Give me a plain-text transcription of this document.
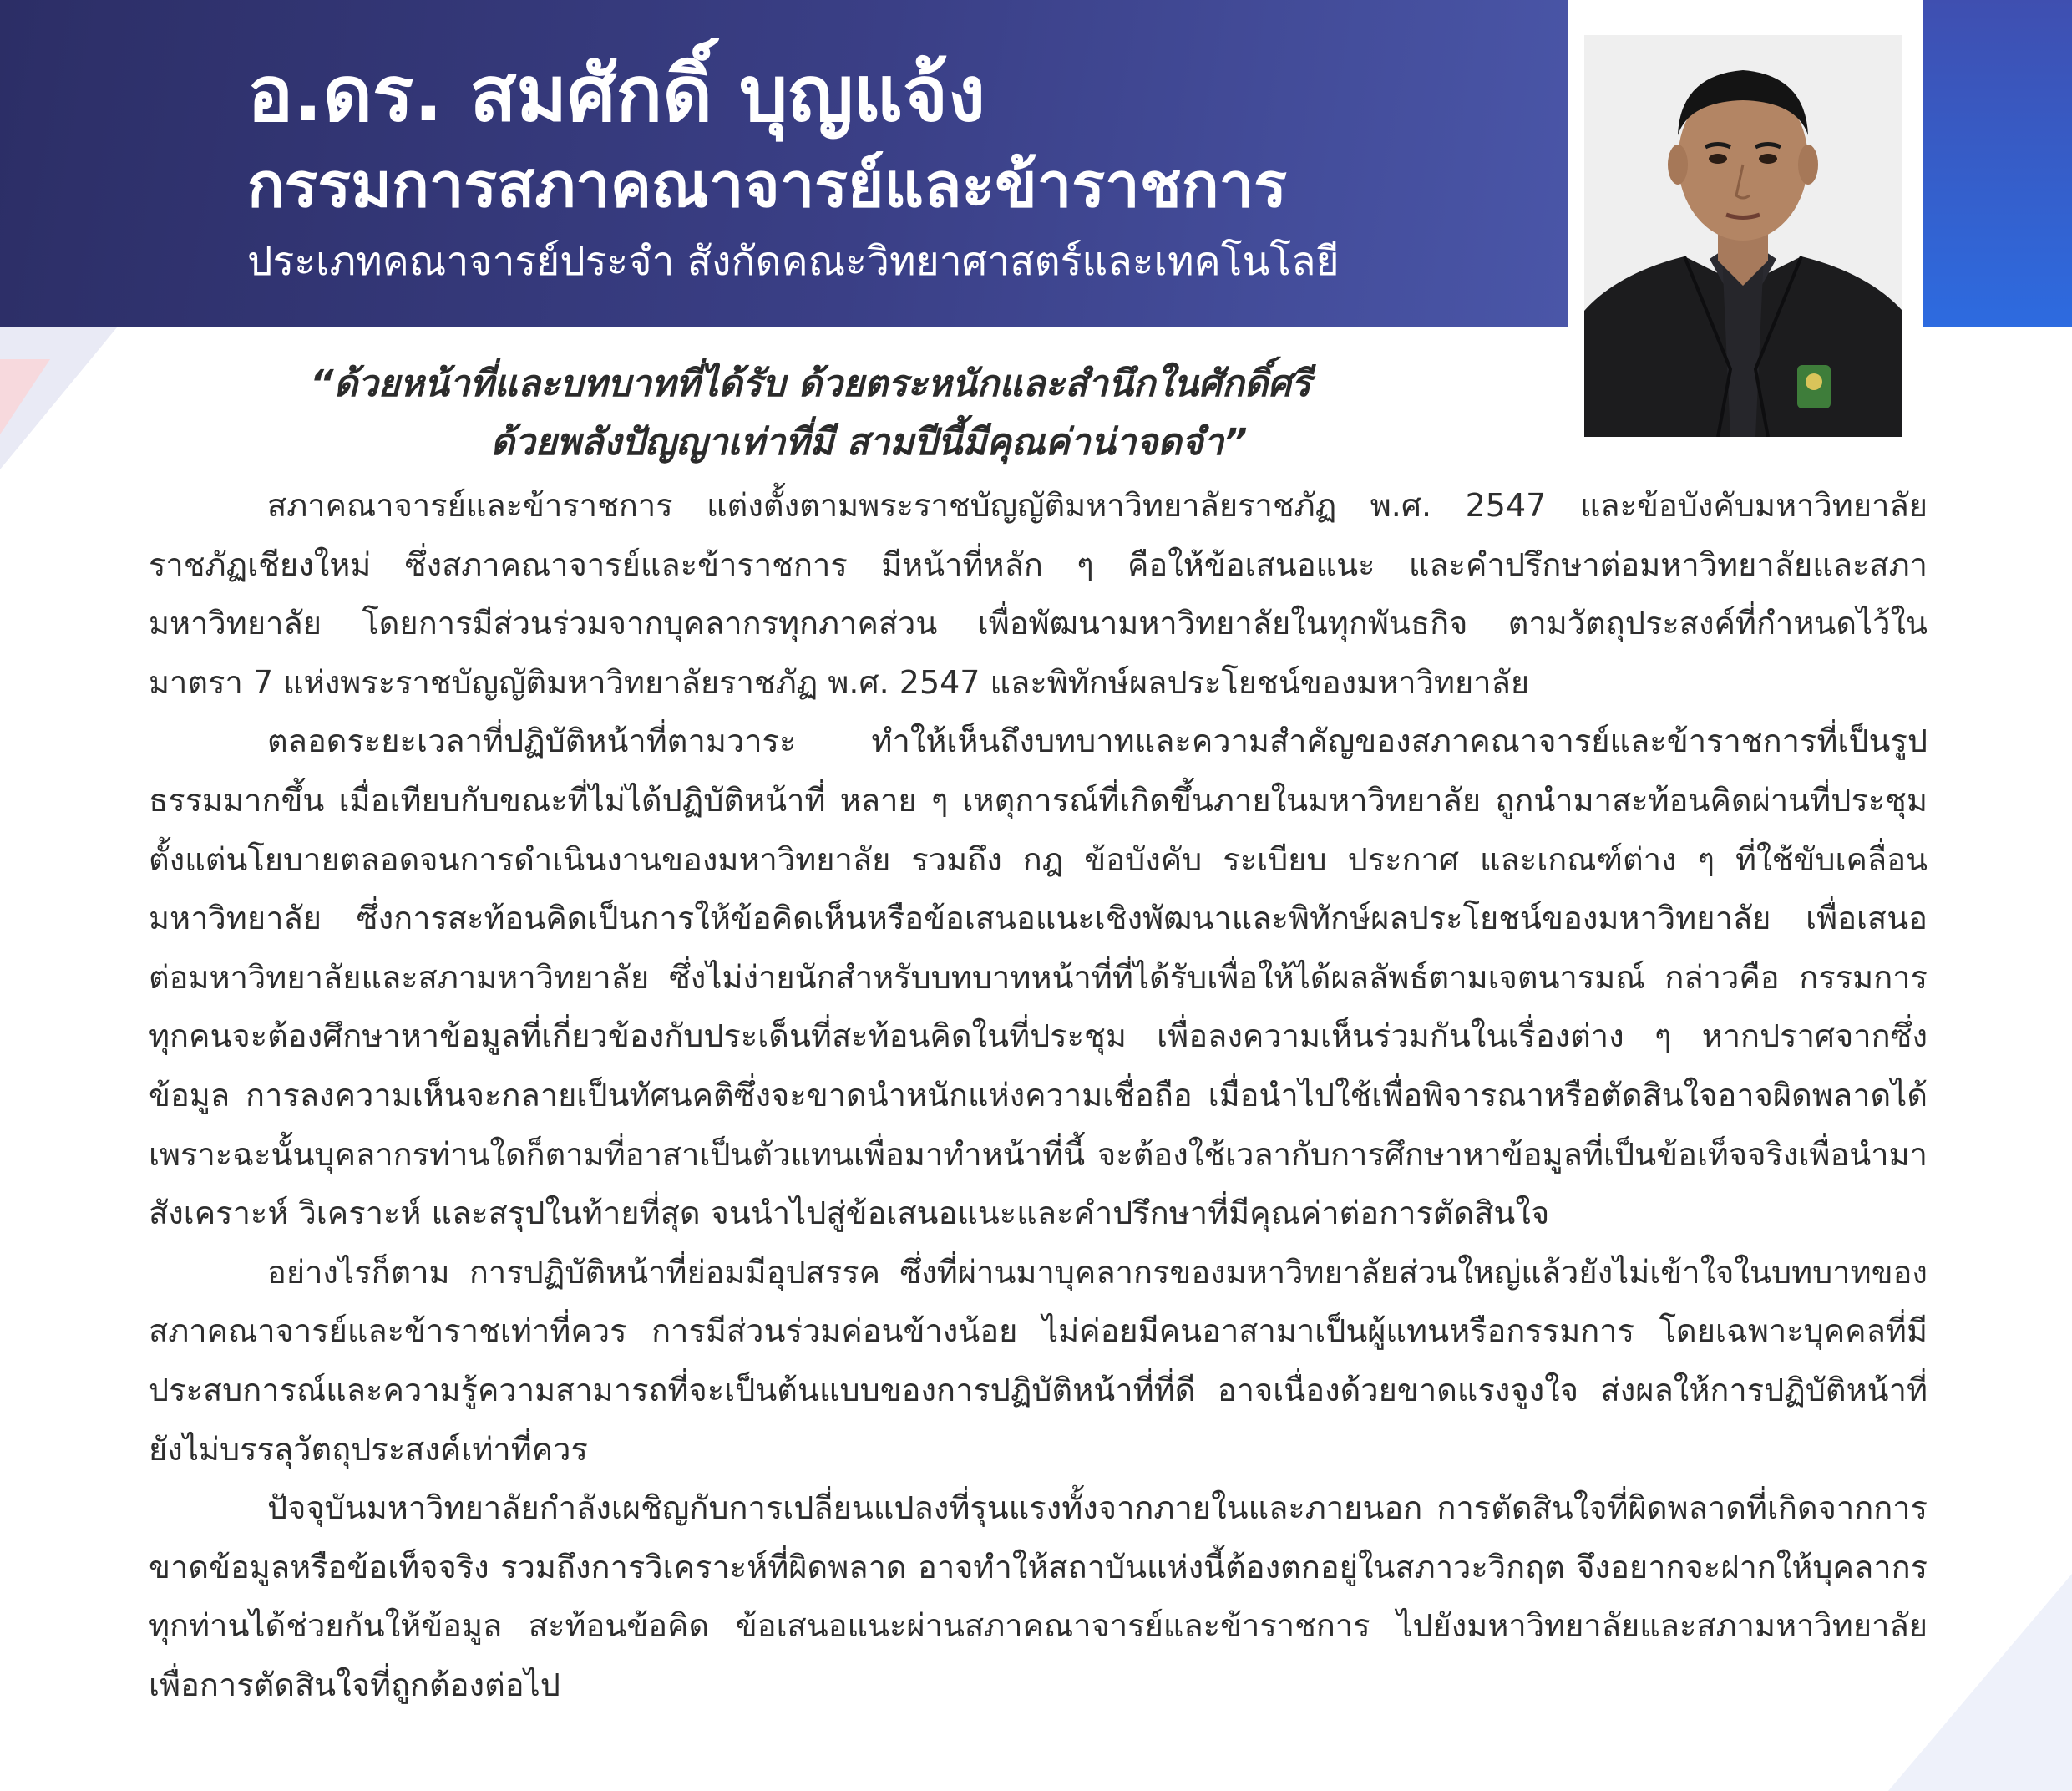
อ.ดร. สมศักดิ์ บุญแจ้ง
กรรมการสภาคณาจารย์และข้าราชการ
ประเภทคณาจารย์ประจำ สังกัดคณะวิทยาศาสตร์และเทคโนโลยี
“ด้วยหน้าที่และบทบาทที่ได้รับ ด้วยตระหนักและสำนึกในศักดิ์ศรี
ด้วยพลังปัญญาเท่าที่มี สามปีนี้มีคุณค่าน่าจดจำ”

สภาคณาจารย์และข้าราชการ แต่งตั้งตามพระราชบัญญัติมหาวิทยาลัยราชภัฏ พ.ศ. 2547 และข้อบังคับมหาวิทยาลัยราชภัฏเชียงใหม่ ซึ่งสภาคณาจารย์และข้าราชการ มีหน้าที่หลัก ๆ คือให้ข้อเสนอแนะ และคำปรึกษาต่อมหาวิทยาลัยและสภามหาวิทยาลัย โดยการมีส่วนร่วมจากบุคลากรทุกภาคส่วน เพื่อพัฒนามหาวิทยาลัยในทุกพันธกิจ ตามวัตถุประสงค์ที่กำหนดไว้ใน มาตรา 7 แห่งพระราชบัญญัติมหาวิทยาลัยราชภัฏ พ.ศ. 2547 และพิทักษ์ผลประโยชน์ของมหาวิทยาลัย

ตลอดระยะเวลาที่ปฏิบัติหน้าที่ตามวาระ ทำให้เห็นถึงบทบาทและความสำคัญของสภาคณาจารย์และข้าราชการที่เป็นรูปธรรมมากขึ้น เมื่อเทียบกับขณะที่ไม่ได้ปฏิบัติหน้าที่ หลาย ๆ เหตุการณ์ที่เกิดขึ้นภายในมหาวิทยาลัย ถูกนำมาสะท้อนคิดผ่านที่ประชุม ตั้งแต่นโยบายตลอดจนการดำเนินงานของมหาวิทยาลัย รวมถึง กฎ ข้อบังคับ ระเบียบ ประกาศ และเกณฑ์ต่าง ๆ ที่ใช้ขับเคลื่อนมหาวิทยาลัย ซึ่งการสะท้อนคิดเป็นการให้ข้อคิดเห็นหรือข้อเสนอแนะเชิงพัฒนาและพิทักษ์ผลประโยชน์ของมหาวิทยาลัย เพื่อเสนอต่อมหาวิทยาลัยและสภามหาวิทยาลัย ซึ่งไม่ง่ายนักสำหรับบทบาทหน้าที่ที่ได้รับเพื่อให้ได้ผลลัพธ์ตามเจตนารมณ์ กล่าวคือ กรรมการทุกคนจะต้องศึกษาหาข้อมูลที่เกี่ยวข้องกับประเด็นที่สะท้อนคิดในที่ประชุม เพื่อลงความเห็นร่วมกันในเรื่องต่าง ๆ หากปราศจากซึ่งข้อมูล การลงความเห็นจะกลายเป็นทัศนคติซึ่งจะขาดนำหนักแห่งความเชื่อถือ เมื่อนำไปใช้เพื่อพิจารณาหรือตัดสินใจอาจผิดพลาดได้ เพราะฉะนั้นบุคลากรท่านใดก็ตามที่อาสาเป็นตัวแทนเพื่อมาทำหน้าที่นี้ จะต้องใช้เวลากับการศึกษาหาข้อมูลที่เป็นข้อเท็จจริงเพื่อนำมาสังเคราะห์ วิเคราะห์ และสรุปในท้ายที่สุด จนนำไปสู่ข้อเสนอแนะและคำปรึกษาที่มีคุณค่าต่อการตัดสินใจ

อย่างไรก็ตาม การปฏิบัติหน้าที่ย่อมมีอุปสรรค ซึ่งที่ผ่านมาบุคลากรของมหาวิทยาลัยส่วนใหญ่แล้วยังไม่เข้าใจในบทบาทของสภาคณาจารย์และข้าราชเท่าที่ควร การมีส่วนร่วมค่อนข้างน้อย ไม่ค่อยมีคนอาสามาเป็นผู้แทนหรือกรรมการ โดยเฉพาะบุคคลที่มีประสบการณ์และความรู้ความสามารถที่จะเป็นต้นแบบของการปฏิบัติหน้าที่ที่ดี อาจเนื่องด้วยขาดแรงจูงใจ ส่งผลให้การปฏิบัติหน้าที่ยังไม่บรรลุวัตถุประสงค์เท่าที่ควร

ปัจจุบันมหาวิทยาลัยกำลังเผชิญกับการเปลี่ยนแปลงที่รุนแรงทั้งจากภายในและภายนอก การตัดสินใจที่ผิดพลาดที่เกิดจากการขาดข้อมูลหรือข้อเท็จจริง รวมถึงการวิเคราะห์ที่ผิดพลาด อาจทำให้สถาบันแห่งนี้ต้องตกอยู่ในสภาวะวิกฤต จึงอยากจะฝากให้บุคลากรทุกท่านได้ช่วยกันให้ข้อมูล สะท้อนข้อคิด ข้อเสนอแนะผ่านสภาคณาจารย์และข้าราชการ ไปยังมหาวิทยาลัยและสภามหาวิทยาลัย เพื่อการตัดสินใจที่ถูกต้องต่อไป
